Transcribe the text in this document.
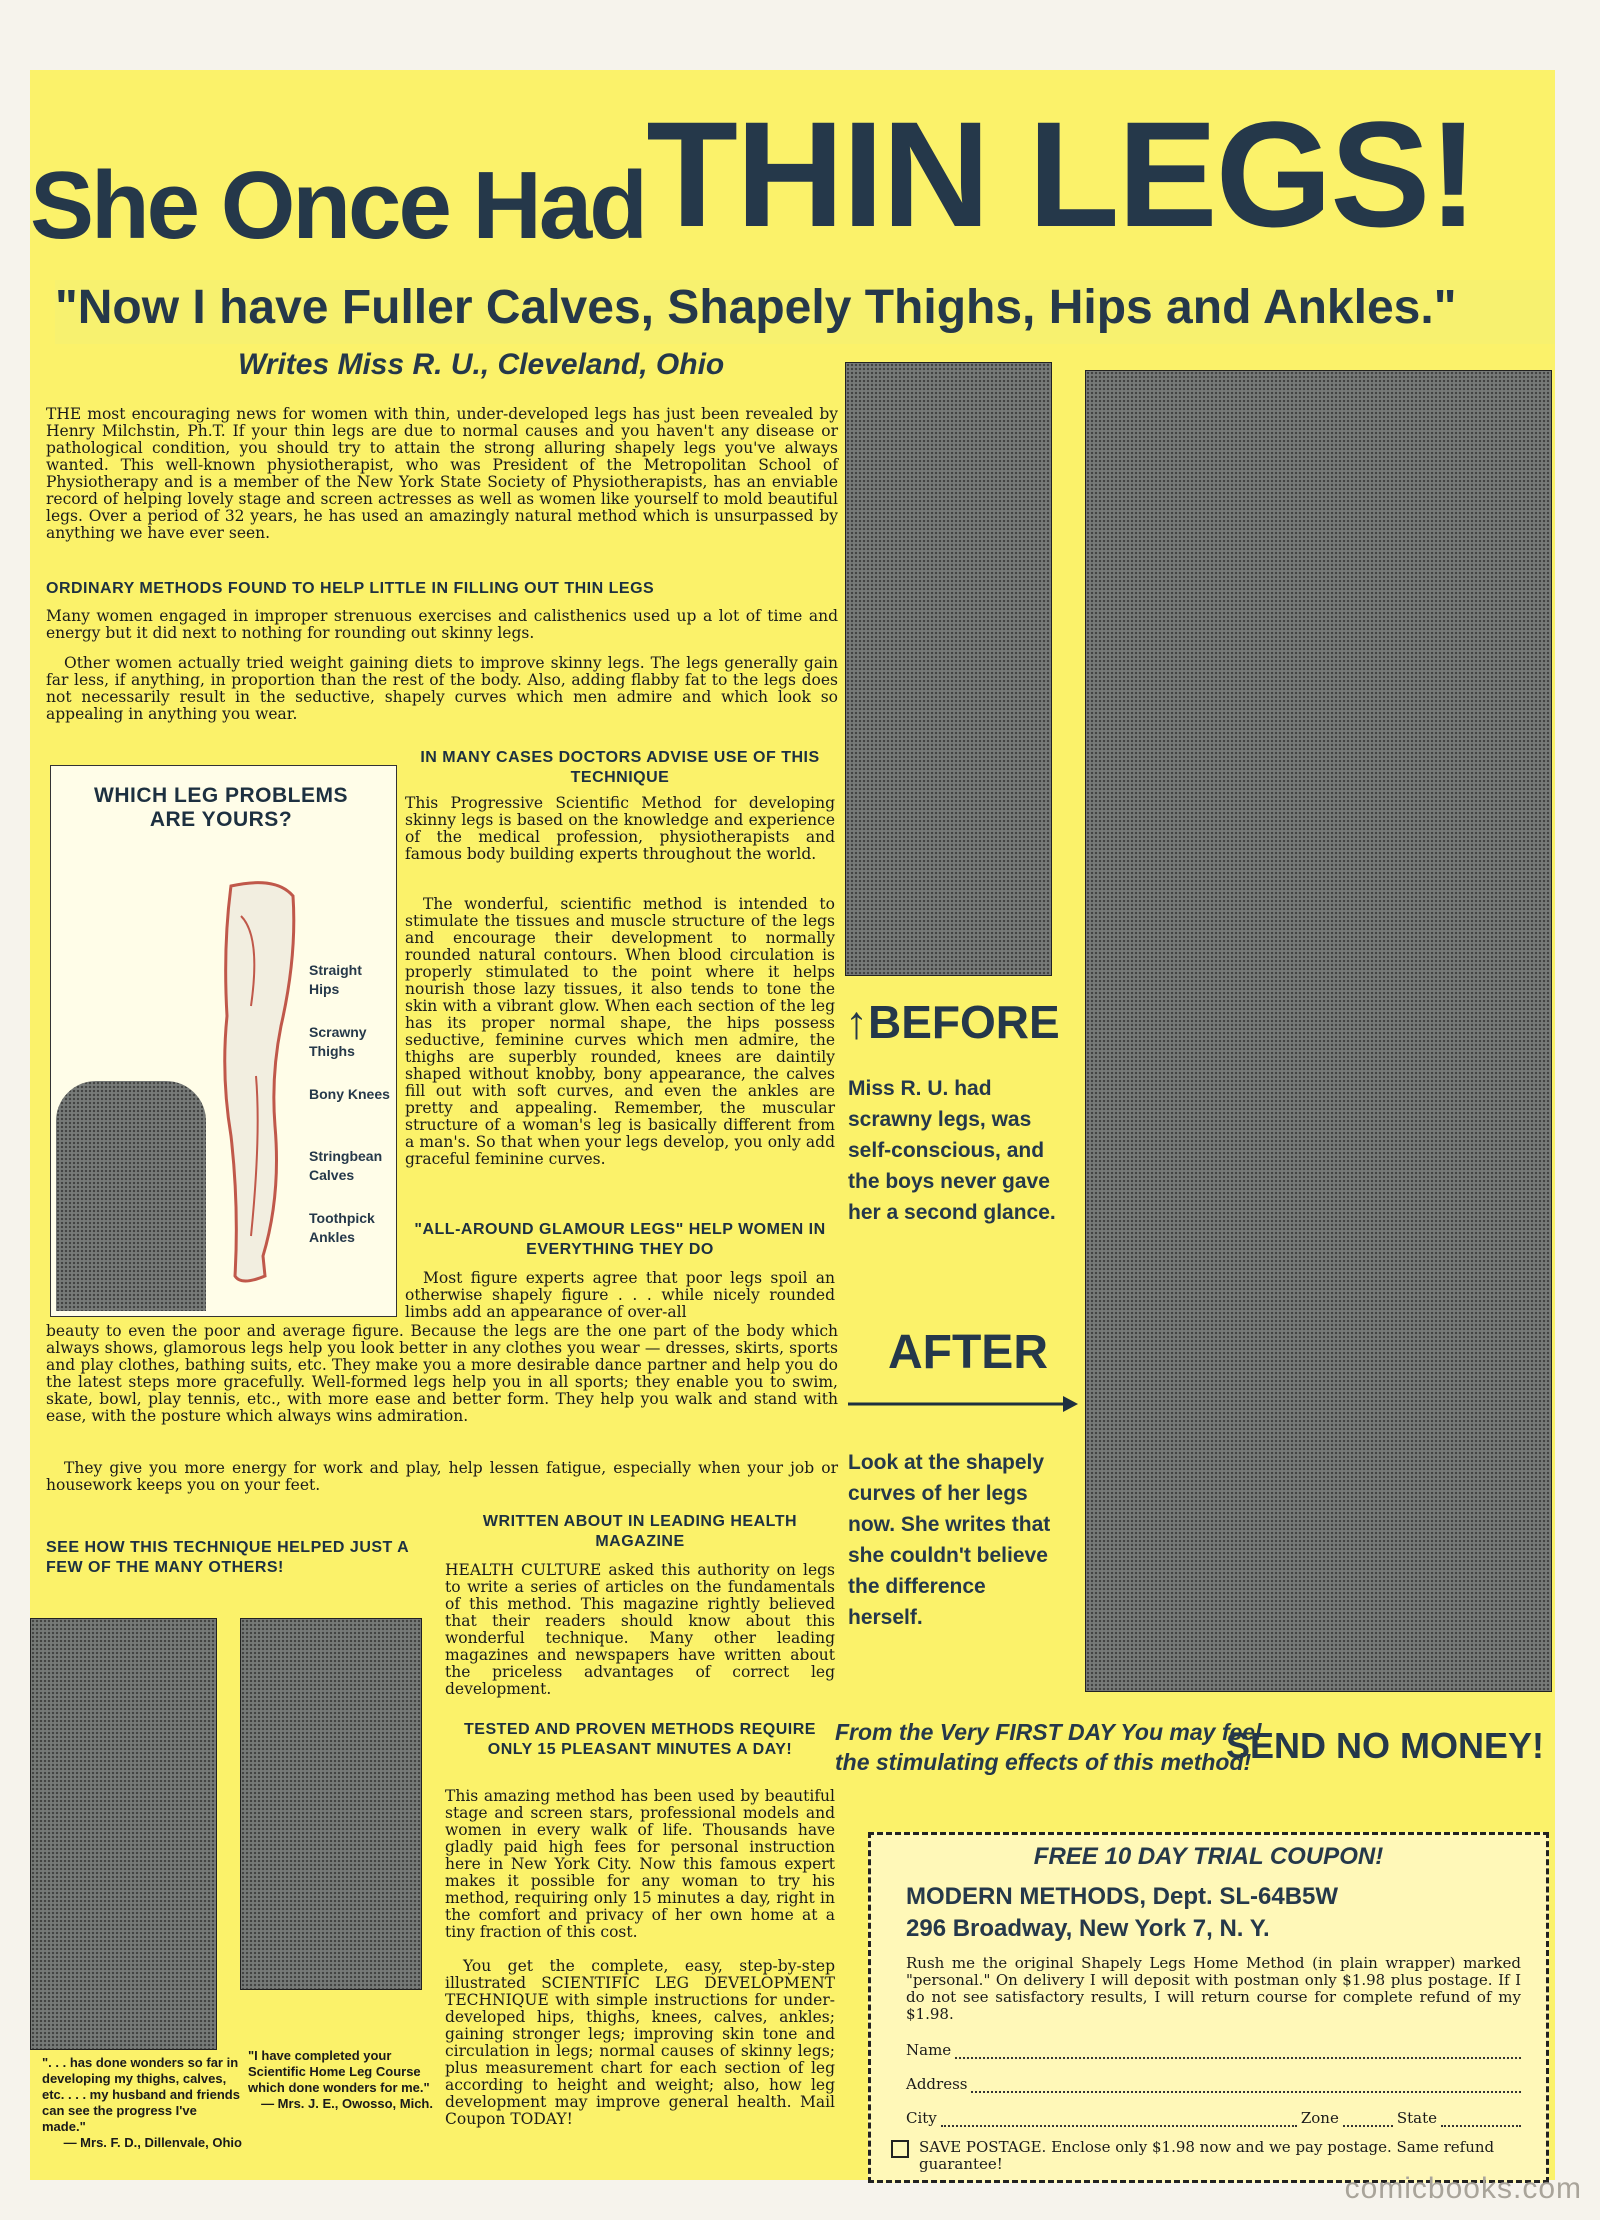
She Once Had THIN LEGS!
"Now I have Fuller Calves, Shapely Thighs, Hips and Ankles."
Writes Miss R. U., Cleveland, Ohio
THE most encouraging news for women with thin, under-developed legs has just been revealed by Henry Milchstin, Ph.T. If your thin legs are due to normal causes and you haven't any disease or pathological condition, you should try to attain the strong alluring shapely legs you've always wanted. This well-known physiotherapist, who was President of the Metropolitan School of Physiotherapy and is a member of the New York State Society of Physiotherapists, has an enviable record of helping lovely stage and screen actresses as well as women like yourself to mold beautiful legs. Over a period of 32 years, he has used an amazingly natural method which is unsurpassed by anything we have ever seen.
ORDINARY METHODS FOUND TO HELP LITTLE IN FILLING OUT THIN LEGS
Many women engaged in improper strenuous exercises and calisthenics used up a lot of time and energy but it did next to nothing for rounding out skinny legs.
Other women actually tried weight gaining diets to improve skinny legs. The legs generally gain far less, if anything, in proportion than the rest of the body. Also, adding flabby fat to the legs does not necessarily result in the seductive, shapely curves which men admire and which look so appealing in anything you wear.
WHICH LEG PROBLEMS ARE YOURS?
Straight Hips
Scrawny Thighs
Bony Knees
Stringbean Calves
Toothpick Ankles
IN MANY CASES DOCTORS ADVISE USE OF THIS TECHNIQUE
This Progressive Scientific Method for developing skinny legs is based on the knowledge and experience of the medical profession, physiotherapists and famous body building experts throughout the world.
The wonderful, scientific method is intended to stimulate the tissues and muscle structure of the legs and encourage their development to normally rounded natural contours. When blood circulation is properly stimulated to the point where it helps nourish those lazy tissues, it also tends to tone the skin with a vibrant glow. When each section of the leg has its proper normal shape, the hips possess seductive, feminine curves which men admire, the thighs are superbly rounded, knees are daintily shaped without knobby, bony appearance, the calves fill out with soft curves, and even the ankles are pretty and appealing. Remember, the muscular structure of a woman's leg is basically different from a man's. So that when your legs develop, you only add graceful feminine curves.
"ALL-AROUND GLAMOUR LEGS" HELP WOMEN IN EVERYTHING THEY DO
Most figure experts agree that poor legs spoil an otherwise shapely figure . . . while nicely rounded limbs add an appearance of over-all
beauty to even the poor and average figure. Because the legs are the one part of the body which always shows, glamorous legs help you look better in any clothes you wear — dresses, skirts, sports and play clothes, bathing suits, etc. They make you a more desirable dance partner and help you do the latest steps more gracefully. Well-formed legs help you in all sports; they enable you to swim, skate, bowl, play tennis, etc., with more ease and better form. They help you walk and stand with ease, with the posture which always wins admiration.
They give you more energy for work and play, help lessen fatigue, especially when your job or housework keeps you on your feet.
SEE HOW THIS TECHNIQUE HELPED JUST A FEW OF THE MANY OTHERS!
". . . has done wonders so far in developing my thighs, calves, etc. . . . my husband and friends can see the progress I've made."
— Mrs. F. D., Dillenvale, Ohio
"I have completed your Scientific Home Leg Course which done wonders for me."
— Mrs. J. E., Owosso, Mich.
WRITTEN ABOUT IN LEADING HEALTH MAGAZINE
HEALTH CULTURE asked this authority on legs to write a series of articles on the fundamentals of this method. This magazine rightly believed that their readers should know about this wonderful technique. Many other leading magazines and newspapers have written about the priceless advantages of correct leg development.
TESTED AND PROVEN METHODS REQUIRE ONLY 15 PLEASANT MINUTES A DAY!
This amazing method has been used by beautiful stage and screen stars, professional models and women in every walk of life. Thousands have gladly paid high fees for personal instruction here in New York City. Now this famous expert makes it possible for any woman to try his method, requiring only 15 minutes a day, right in the comfort and privacy of her own home at a tiny fraction of this cost.
You get the complete, easy, step-by-step illustrated SCIENTIFIC LEG DEVELOPMENT TECHNIQUE with simple instructions for under-developed hips, thighs, knees, calves, ankles; gaining stronger legs; improving skin tone and circulation in legs; normal causes of skinny legs; plus measurement chart for each section of leg according to height and weight; also, how leg development may improve general health. Mail Coupon TODAY!
↑BEFORE
Miss R. U. had scrawny legs, was self-conscious, and the boys never gave her a second glance.
AFTER
Look at the shapely curves of her legs now. She writes that she couldn't believe the difference herself.
From the Very FIRST DAY You may feel the stimulating effects of this method!
SEND NO MONEY!
FREE 10 DAY TRIAL COUPON!
MODERN METHODS, Dept. SL-64B5W
296 Broadway, New York 7, N. Y.
Rush me the original Shapely Legs Home Method (in plain wrapper) marked "personal." On delivery I will deposit with postman only $1.98 plus postage. If I do not see satisfactory results, I will return course for complete refund of my $1.98.
Name
Address
City	Zone	State
SAVE POSTAGE. Enclose only $1.98 now and we pay postage. Same refund guarantee!
comicbooks.com
